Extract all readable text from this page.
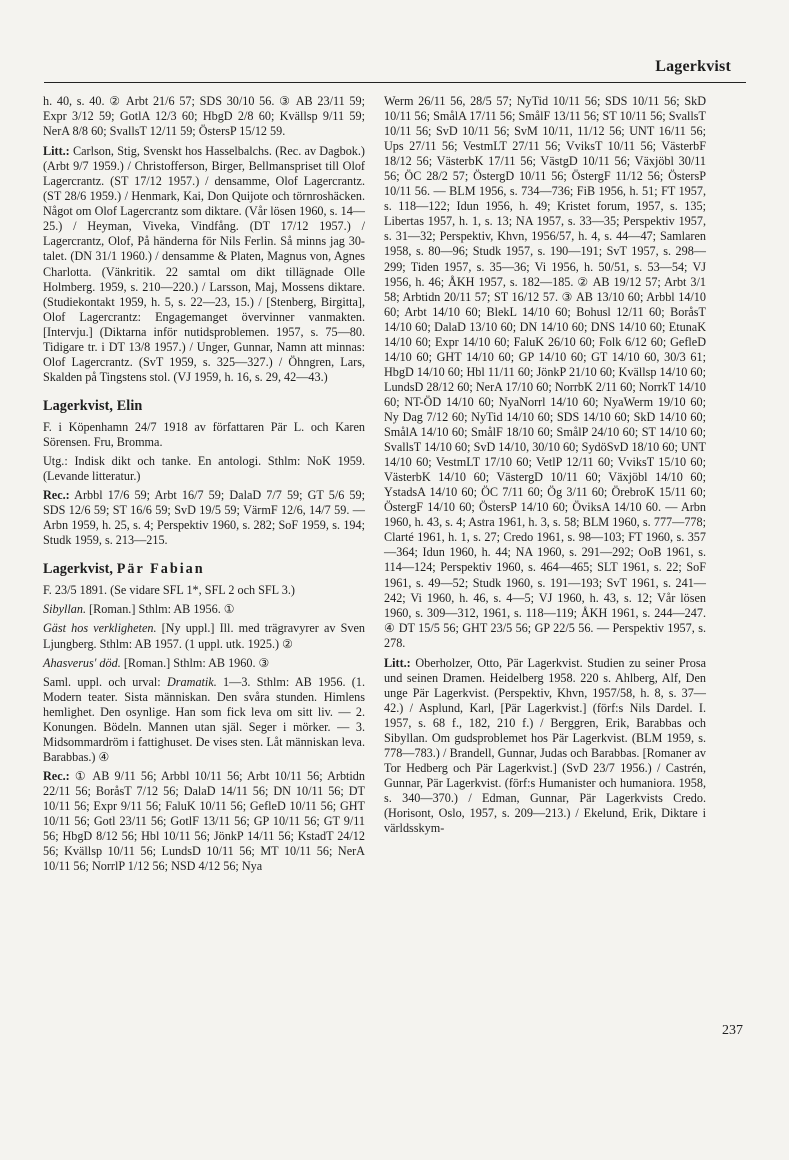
Lagerkvist

h. 40, s. 40. ② Arbt 21/6 57; SDS 30/10 56. ③ AB 23/11 59; Expr 3/12 59; GotlA 12/3 60; HbgD 2/8 60; Kvällsp 9/11 59; NerA 8/8 60; SvallsT 12/11 59; ÖstersP 15/12 59.

Litt.: Carlson, Stig, Svenskt hos Hasselbalchs. (Rec. av Dagbok.) (Arbt 9/7 1959.) / Christofferson, Birger, Bellmanspriset till Olof Lagercrantz. (ST 17/12 1957.) / densamme, Olof Lagercrantz. (ST 28/6 1959.) / Henmark, Kai, Don Quijote och törnroshäcken. Något om Olof Lagercrantz som diktare. (Vår lösen 1960, s. 14—25.) / Heyman, Viveka, Vindfång. (DT 17/12 1957.) / Lagercrantz, Olof, På händerna för Nils Ferlin. Så minns jag 30-talet. (DN 31/1 1960.) / densamme & Platen, Magnus von, Agnes Charlotta. (Vänkritik. 22 samtal om dikt tillägnade Olle Holmberg. 1959, s. 210—220.) / Larsson, Maj, Mossens diktare. (Studiekontakt 1959, h. 5, s. 22—23, 15.) / [Stenberg, Birgitta], Olof Lagercrantz: Engagemanget övervinner vanmakten. [Intervju.] (Diktarna inför nutidsproblemen. 1957, s. 75—80. Tidigare tr. i DT 13/8 1957.) / Unger, Gunnar, Namn att minnas: Olof Lagercrantz. (SvT 1959, s. 325—327.) / Öhngren, Lars, Skalden på Tingstens stol. (VJ 1959, h. 16, s. 29, 42—43.)

Lagerkvist, Elin

F. i Köpenhamn 24/7 1918 av författaren Pär L. och Karen Sörensen. Fru, Bromma.

Utg.: Indisk dikt och tanke. En antologi. Sthlm: NoK 1959. (Levande litteratur.)

Rec.: Arbbl 17/6 59; Arbt 16/7 59; DalaD 7/7 59; GT 5/6 59; SDS 12/6 59; ST 16/6 59; SvD 19/5 59; VärmF 12/6, 14/7 59. — Arbn 1959, h. 25, s. 4; Perspektiv 1960, s. 282; SoF 1959, s. 194; Studk 1959, s. 213—215.

Lagerkvist, Pär Fabian

F. 23/5 1891. (Se vidare SFL 1*, SFL 2 och SFL 3.)

Sibyllan. [Roman.] Sthlm: AB 1956. ①

Gäst hos verkligheten. [Ny uppl.] Ill. med trägravyrer av Sven Ljungberg. Sthlm: AB 1957. (1 uppl. utk. 1925.) ②

Ahasverus' död. [Roman.] Sthlm: AB 1960. ③

Saml. uppl. och urval: Dramatik. 1—3. Sthlm: AB 1956. (1. Modern teater. Sista människan. Den svåra stunden. Himlens hemlighet. Den osynlige. Han som fick leva om sitt liv. — 2. Konungen. Bödeln. Mannen utan själ. Seger i mörker. — 3. Midsommardröm i fattighuset. De vises sten. Låt människan leva. Barabbas.) ④

Rec.: ① AB 9/11 56; Arbbl 10/11 56; Arbt 10/11 56; Arbtidn 22/11 56; BoråsT 7/12 56; DalaD 14/11 56; DN 10/11 56; DT 10/11 56; Expr 9/11 56; FaluK 10/11 56; GefleD 10/11 56; GHT 10/11 56; Gotl 23/11 56; GotlF 13/11 56; GP 10/11 56; GT 9/11 56; HbgD 8/12 56; Hbl 10/11 56; JönkP 14/11 56; KstadT 24/12 56; Kvällsp 10/11 56; LundsD 10/11 56; MT 10/11 56; NerA 10/11 56; NorrlP 1/12 56; NSD 4/12 56; Nya

Werm 26/11 56, 28/5 57; NyTid 10/11 56; SDS 10/11 56; SkD 10/11 56; SmålA 17/11 56; SmålF 13/11 56; ST 10/11 56; SvallsT 10/11 56; SvD 10/11 56; SvM 10/11, 11/12 56; UNT 16/11 56; Ups 27/11 56; VestmLT 27/11 56; VviksT 10/11 56; VästerbF 18/12 56; VästerbK 17/11 56; VästgD 10/11 56; Växjöbl 30/11 56; ÖC 28/2 57; ÖstergD 10/11 56; ÖstergF 11/12 56; ÖstersP 10/11 56. — BLM 1956, s. 734—736; FiB 1956, h. 51; FT 1957, s. 118—122; Idun 1956, h. 49; Kristet forum, 1957, s. 135; Libertas 1957, h. 1, s. 13; NA 1957, s. 33—35; Perspektiv 1957, s. 31—32; Perspektiv, Khvn, 1956/57, h. 4, s. 44—47; Samlaren 1958, s. 80—96; Studk 1957, s. 190—191; SvT 1957, s. 298—299; Tiden 1957, s. 35—36; Vi 1956, h. 50/51, s. 53—54; VJ 1956, h. 46; ÅKH 1957, s. 182—185. ② AB 19/12 57; Arbt 3/1 58; Arbtidn 20/11 57; ST 16/12 57. ③ AB 13/10 60; Arbbl 14/10 60; Arbt 14/10 60; BlekL 14/10 60; Bohusl 12/11 60; BoråsT 14/10 60; DalaD 13/10 60; DN 14/10 60; DNS 14/10 60; EtunaK 14/10 60; Expr 14/10 60; FaluK 26/10 60; Folk 6/12 60; GefleD 14/10 60; GHT 14/10 60; GP 14/10 60; GT 14/10 60, 30/3 61; HbgD 14/10 60; Hbl 11/11 60; JönkP 21/10 60; Kvällsp 14/10 60; LundsD 28/12 60; NerA 17/10 60; NorrbK 2/11 60; NorrkT 14/10 60; NT-ÖD 14/10 60; NyaNorrl 14/10 60; NyaWerm 19/10 60; Ny Dag 7/12 60; NyTid 14/10 60; SDS 14/10 60; SkD 14/10 60; SmålA 14/10 60; SmålF 18/10 60; SmålP 24/10 60; ST 14/10 60; SvallsT 14/10 60; SvD 14/10, 30/10 60; SydöSvD 18/10 60; UNT 14/10 60; VestmLT 17/10 60; VetlP 12/11 60; VviksT 15/10 60; VästerbK 14/10 60; VästergD 10/11 60; Växjöbl 14/10 60; YstadsA 14/10 60; ÖC 7/11 60; Ög 3/11 60; ÖrebroK 15/11 60; ÖstergF 14/10 60; ÖstersP 14/10 60; ÖviksA 14/10 60. — Arbn 1960, h. 43, s. 4; Astra 1961, h. 3, s. 58; BLM 1960, s. 777—778; Clarté 1961, h. 1, s. 27; Credo 1961, s. 98—103; FT 1960, s. 357—364; Idun 1960, h. 44; NA 1960, s. 291—292; OoB 1961, s. 114—124; Perspektiv 1960, s. 464—465; SLT 1961, s. 22; SoF 1961, s. 49—52; Studk 1960, s. 191—193; SvT 1961, s. 241—242; Vi 1960, h. 46, s. 4—5; VJ 1960, h. 43, s. 12; Vår lösen 1960, s. 309—312, 1961, s. 118—119; ÅKH 1961, s. 244—247. ④ DT 15/5 56; GHT 23/5 56; GP 22/5 56. — Perspektiv 1957, s. 278.

Litt.: Oberholzer, Otto, Pär Lagerkvist. Studien zu seiner Prosa und seinen Dramen. Heidelberg 1958. 220 s. Ahlberg, Alf, Den unge Pär Lagerkvist. (Perspektiv, Khvn, 1957/58, h. 8, s. 37—42.) / Asplund, Karl, [Pär Lagerkvist.] (förf:s Nils Dardel. I. 1957, s. 68 f., 182, 210 f.) / Berggren, Erik, Barabbas och Sibyllan. Om gudsproblemet hos Pär Lagerkvist. (BLM 1959, s. 778—783.) / Brandell, Gunnar, Judas och Barabbas. [Romaner av Tor Hedberg och Pär Lagerkvist.] (SvD 23/7 1956.) / Castrén, Gunnar, Pär Lagerkvist. (förf:s Humanister och humaniora. 1958, s. 340—370.) / Edman, Gunnar, Pär Lagerkvists Credo. (Horisont, Oslo, 1957, s. 209—213.) / Ekelund, Erik, Diktare i världsskym-

237
